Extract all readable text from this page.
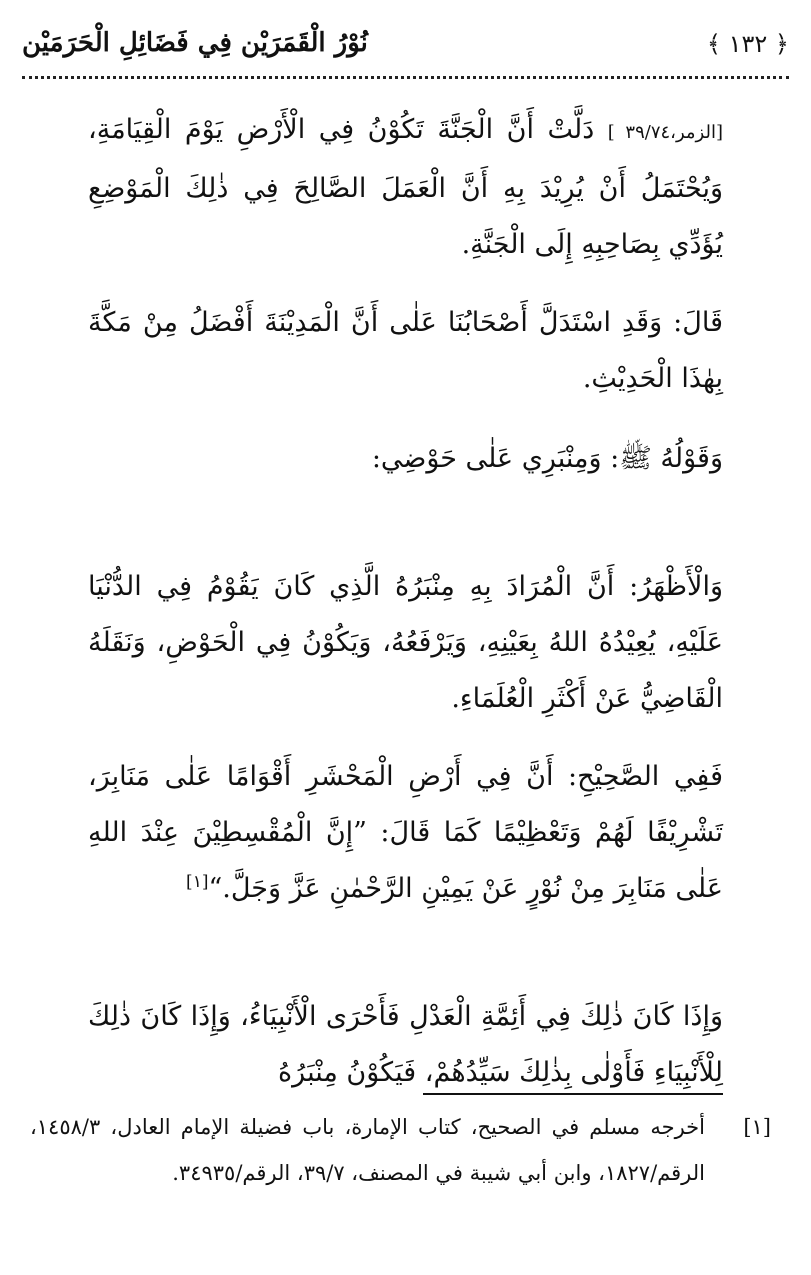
نُوْرُ الْقَمَرَيْن فِي فَضَائِلِ الْحَرَمَيْن	﴿ ١٣٢ ﴾

[الزمر،٣٩/٧٤ ] دَلَّتْ أَنَّ الْجَنَّةَ تَكُوْنُ فِي الْأَرْضِ يَوْمَ الْقِيَامَةِ، وَيُحْتَمَلُ أَنْ يُرِيْدَ بِهِ أَنَّ الْعَمَلَ الصَّالِحَ فِي ذٰلِكَ الْمَوْضِعِ يُؤَدِّي بِصَاحِبِهِ إِلَى الْجَنَّةِ.

قَالَ: وَقَدِ اسْتَدَلَّ أَصْحَابُنَا عَلٰى أَنَّ الْمَدِيْنَةَ أَفْضَلُ مِنْ مَكَّةَ بِهٰذَا الْحَدِيْثِ.

وَقَوْلُهُ ﷺ: وَمِنْبَرِي عَلٰى حَوْضِي:

وَالْأَظْهَرُ: أَنَّ الْمُرَادَ بِهِ مِنْبَرُهُ الَّذِي كَانَ يَقُوْمُ فِي الدُّنْيَا عَلَيْهِ، يُعِيْدُهُ اللهُ بِعَيْنِهِ، وَيَرْفَعُهُ، وَيَكُوْنُ فِي الْحَوْضِ، وَنَقَلَهُ الْقَاضِيُّ عَنْ أَكْثَرِ الْعُلَمَاءِ.

فَفِي الصَّحِيْحِ: أَنَّ فِي أَرْضِ الْمَحْشَرِ أَقْوَامًا عَلٰى مَنَابِرَ، تَشْرِيْفًا لَهُمْ وَتَعْظِيْمًا كَمَا قَالَ: ”إِنَّ الْمُقْسِطِيْنَ عِنْدَ اللهِ عَلٰى مَنَابِرَ مِنْ نُوْرٍ عَنْ يَمِيْنِ الرَّحْمٰنِ عَزَّ وَجَلَّ.“[١]

وَإِذَا كَانَ ذٰلِكَ فِي أَئِمَّةِ الْعَدْلِ فَأَحْرَى الْأَنْبِيَاءُ، وَإِذَا كَانَ ذٰلِكَ لِلْأَنْبِيَاءِ فَأَوْلٰى بِذٰلِكَ سَيِّدُهُمْ، فَيَكُوْنُ مِنْبَرُهُ

[١]
أخرجه مسلم في الصحيح، كتاب الإمارة، باب فضيلة الإمام العادل، ١٤٥٨/٣، الرقم/١٨٢٧، وابن أبي شيبة في المصنف، ٣٩/٧، الرقم/٣٤٩٣٥.
